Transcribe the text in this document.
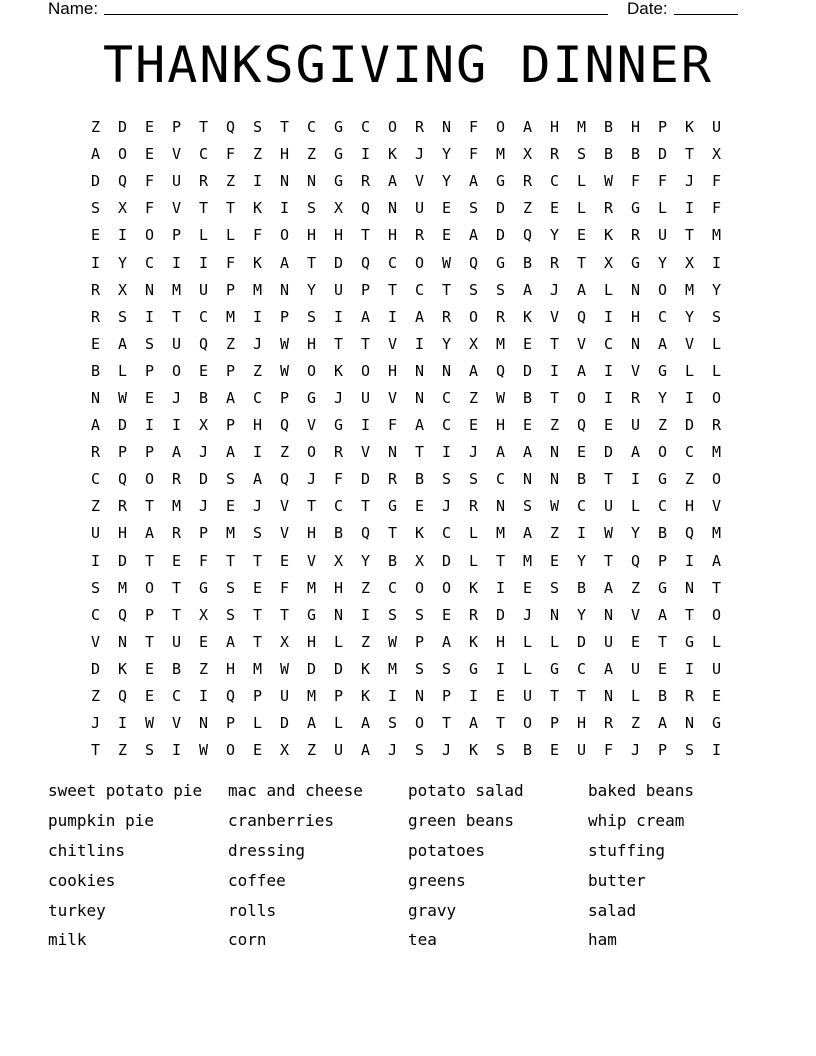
Name:	Date:
THANKSGIVING DINNER
Z	D	E	P	T	Q	S	T	C	G	C	O	R	N	F	O	A	H	M	B	H	P	K	U
A	O	E	V	C	F	Z	H	Z	G	I	K	J	Y	F	M	X	R	S	B	B	D	T	X
D	Q	F	U	R	Z	I	N	N	G	R	A	V	Y	A	G	R	C	L	W	F	F	J	F
S	X	F	V	T	T	K	I	S	X	Q	N	U	E	S	D	Z	E	L	R	G	L	I	F
E	I	O	P	L	L	F	O	H	H	T	H	R	E	A	D	Q	Y	E	K	R	U	T	M
I	Y	C	I	I	F	K	A	T	D	Q	C	O	W	Q	G	B	R	T	X	G	Y	X	I
R	X	N	M	U	P	M	N	Y	U	P	T	C	T	S	S	A	J	A	L	N	O	M	Y
R	S	I	T	C	M	I	P	S	I	A	I	A	R	O	R	K	V	Q	I	H	C	Y	S
E	A	S	U	Q	Z	J	W	H	T	T	V	I	Y	X	M	E	T	V	C	N	A	V	L
B	L	P	O	E	P	Z	W	O	K	O	H	N	N	A	Q	D	I	A	I	V	G	L	L
N	W	E	J	B	A	C	P	G	J	U	V	N	C	Z	W	B	T	O	I	R	Y	I	O
A	D	I	I	X	P	H	Q	V	G	I	F	A	C	E	H	E	Z	Q	E	U	Z	D	R
R	P	P	A	J	A	I	Z	O	R	V	N	T	I	J	A	A	N	E	D	A	O	C	M
C	Q	O	R	D	S	A	Q	J	F	D	R	B	S	S	C	N	N	B	T	I	G	Z	O
Z	R	T	M	J	E	J	V	T	C	T	G	E	J	R	N	S	W	C	U	L	C	H	V
U	H	A	R	P	M	S	V	H	B	Q	T	K	C	L	M	A	Z	I	W	Y	B	Q	M
I	D	T	E	F	T	T	E	V	X	Y	B	X	D	L	T	M	E	Y	T	Q	P	I	A
S	M	O	T	G	S	E	F	M	H	Z	C	O	O	K	I	E	S	B	A	Z	G	N	T
C	Q	P	T	X	S	T	T	G	N	I	S	S	E	R	D	J	N	Y	N	V	A	T	O
V	N	T	U	E	A	T	X	H	L	Z	W	P	A	K	H	L	L	D	U	E	T	G	L
D	K	E	B	Z	H	M	W	D	D	K	M	S	S	G	I	L	G	C	A	U	E	I	U
Z	Q	E	C	I	Q	P	U	M	P	K	I	N	P	I	E	U	T	T	N	L	B	R	E
J	I	W	V	N	P	L	D	A	L	A	S	O	T	A	T	O	P	H	R	Z	A	N	G
T	Z	S	I	W	O	E	X	Z	U	A	J	S	J	K	S	B	E	U	F	J	P	S	I
sweet potato pie	mac and cheese	potato salad	baked beans
pumpkin pie	cranberries	green beans	whip cream
chitlins	dressing	potatoes	stuffing
cookies	coffee	greens	butter
turkey	rolls	gravy	salad
milk	corn	tea	ham
